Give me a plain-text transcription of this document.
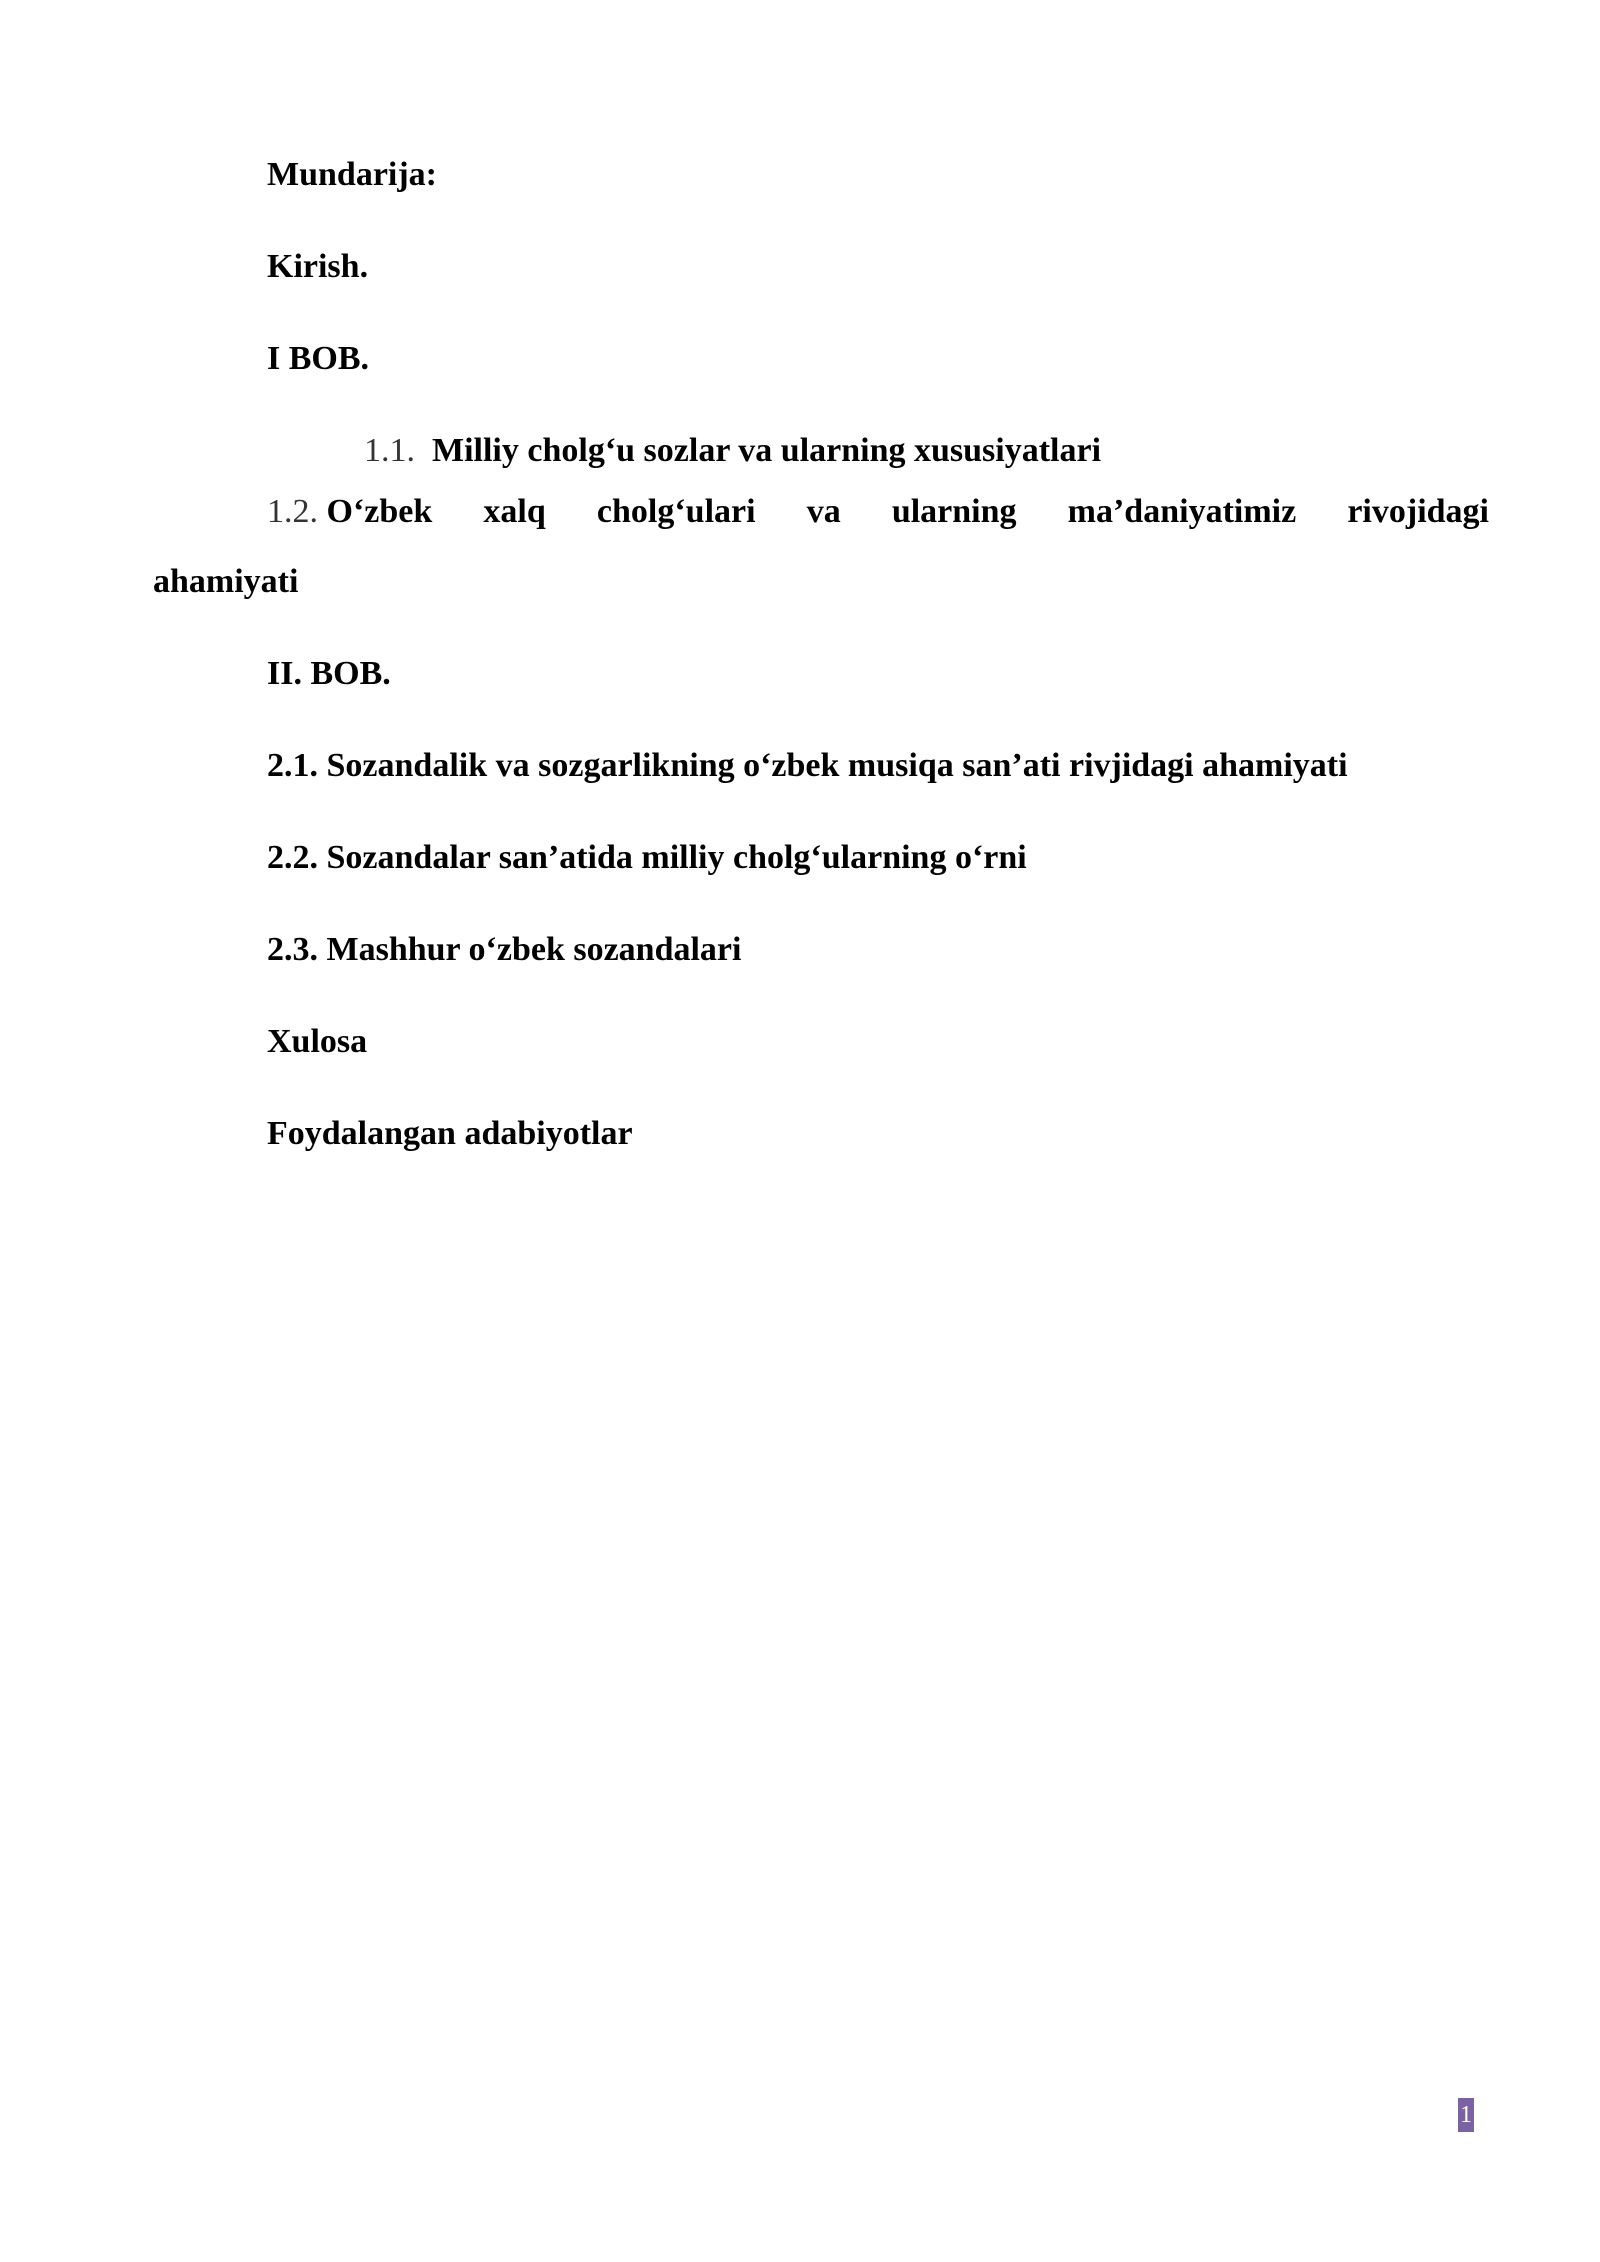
Mundarija:
Kirish.
I BOB.
1.1. Milliy cholg‘u sozlar va ularning xususiyatlari
1.2. O‘zbek xalq cholg‘ulari va ularning ma’daniyatimiz rivojidagi
ahamiyati
II. BOB.
2.1. Sozandalik va sozgarlikning o‘zbek musiqa san’ati rivjidagi ahamiyati
2.2. Sozandalar san’atida milliy cholg‘ularning o‘rni
2.3. Mashhur o‘zbek sozandalari
Xulosa
Foydalangan adabiyotlar
1
